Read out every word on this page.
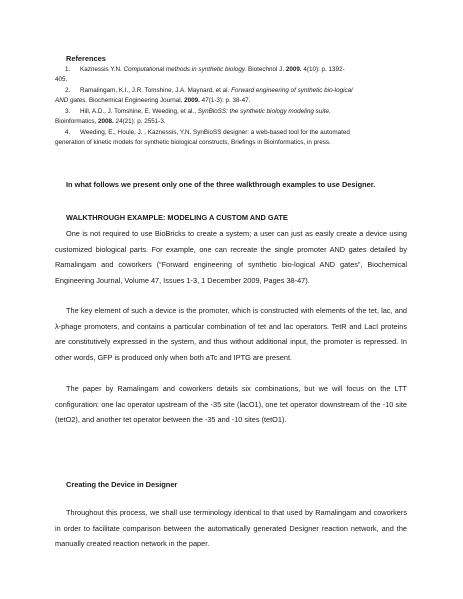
References
1. Kaznessis Y.N. Computational methods in synthetic biology. Biotechnol J. 2009. 4(10): p. 1392-
405.
2. Ramalingam, K.I., J.R. Tomshine, J.A. Maynard, et al. Forward engineering of synthetic bio-logical
AND gates. Biochemical Engineering Journal, 2009. 47(1-3): p. 38-47.
3. Hill, A.D., J. Tomshine, E. Weeding, et al., SynBioSS: the synthetic biology modeling suite.
Bioinformatics, 2008. 24(21): p. 2551-3.
4. Weeding, E., Houle, J. , Kaznessis, Y.N. SynBioSS designer: a web-based tool for the automated
generation of kinetic models for synthetic biological constructs, Briefings in Bioinformatics, in press.
In what follows we present only one of the three walkthrough examples to use Designer.
WALKTHROUGH EXAMPLE: MODELING A CUSTOM AND GATE
One is not required to use BioBricks to create a system; a user can just as easily create a device using customized biological parts. For example, one can recreate the single promoter AND gates detailed by Ramalingam and coworkers (“Forward engineering of synthetic bio-logical AND gates”, Biochemical Engineering Journal, Volume 47, Issues 1-3, 1 December 2009, Pages 38-47).
The key element of such a device is the promoter, which is constructed with elements of the tet, lac, and λ-phage promoters, and contains a particular combination of tet and lac operators. TetR and LacI proteins are constitutively expressed in the system, and thus without additional input, the promoter is repressed. In other words, GFP is produced only when both aTc and IPTG are present.
The paper by Ramalingam and coworkers details six combinations, but we will focus on the LTT configuration: one lac operator upstream of the -35 site (lacO1), one tet operator downstream of the -10 site (tetO2), and another tet operator between the -35 and -10 sites (tetO1).
Creating the Device in Designer
Throughout this process, we shall use terminology identical to that used by Ramalingam and coworkers in order to facilitate comparison between the automatically generated Designer reaction network, and the manually created reaction network in the paper.
